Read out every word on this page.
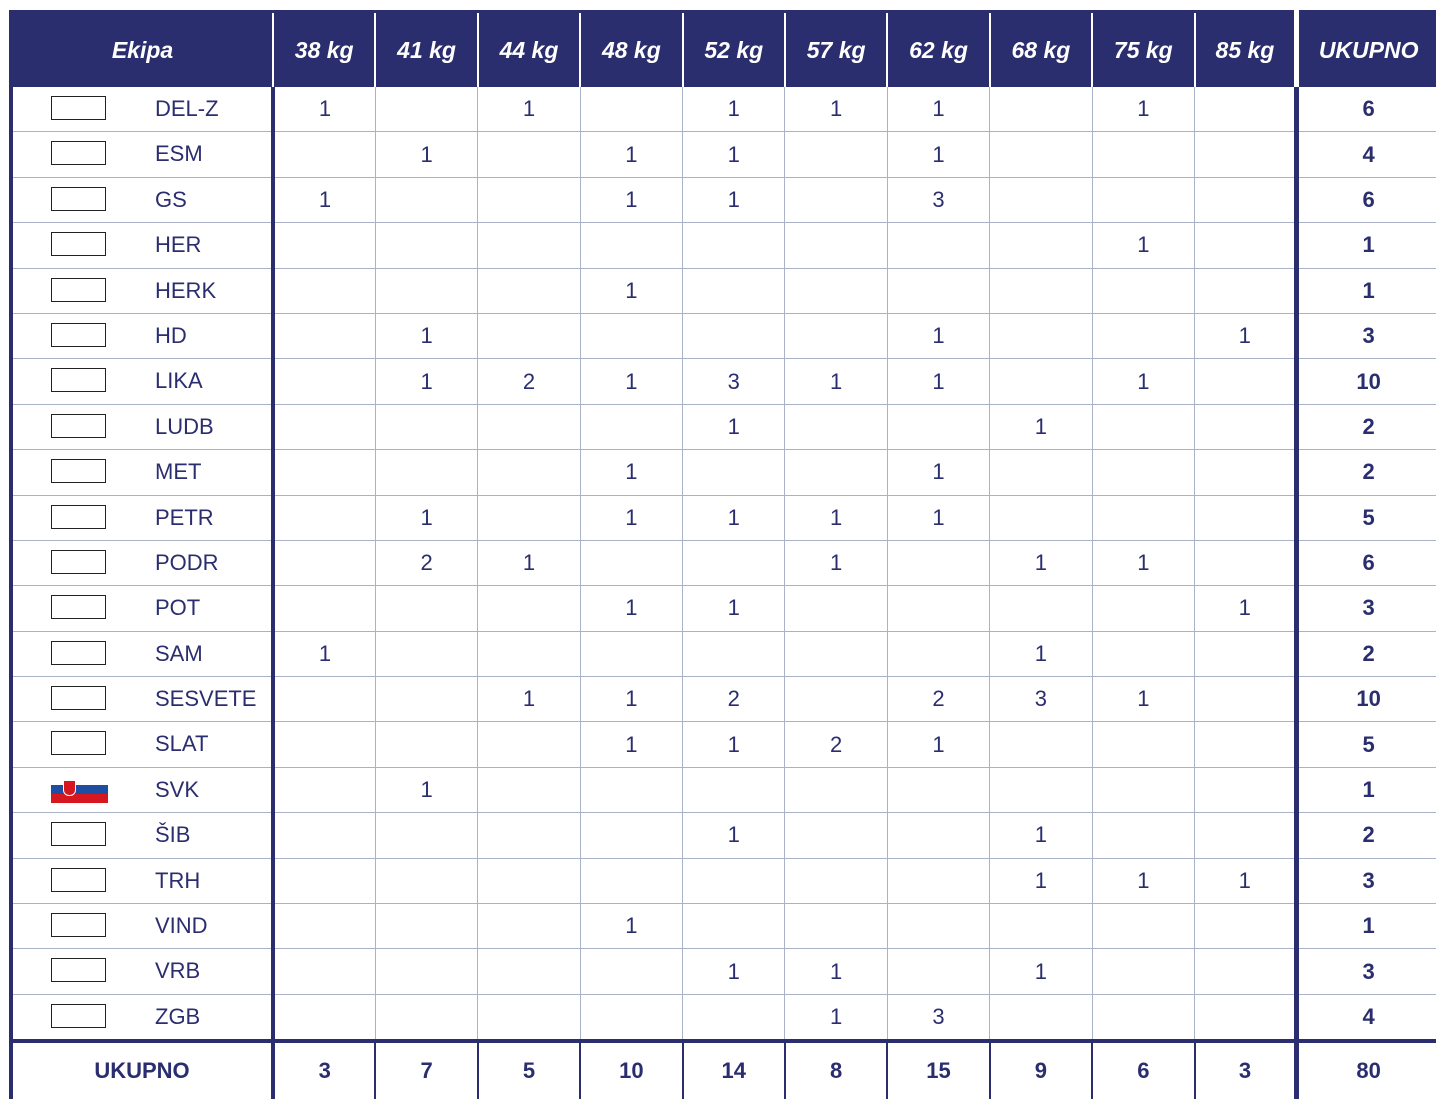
Ekipa	38 kg	41 kg	44 kg	48 kg	52 kg	57 kg	62 kg	68 kg	75 kg	85 kg	UKUPNO

DEL-Z	1		1		1	1	1		1		6

ESM		1		1	1		1				4

GS	1			1	1		3				6

HER									1		1

HERK				1							1

HD		1					1			1	3

LIKA		1	2	1	3	1	1		1		10

LUDB					1			1			2

MET				1			1				2

PETR		1		1	1	1	1				5

PODR		2	1			1		1	1		6

POT				1	1					1	3

SAM	1							1			2

SESVETE			1	1	2		2	3	1		10

SLAT				1	1	2	1				5

SVK		1									1

ŠIB					1			1			2

TRH								1	1	1	3

VIND				1							1

VRB					1	1		1			3

ZGB						1	3				4
UKUPNO	3	7	5	10	14	8	15	9	6	3	80
